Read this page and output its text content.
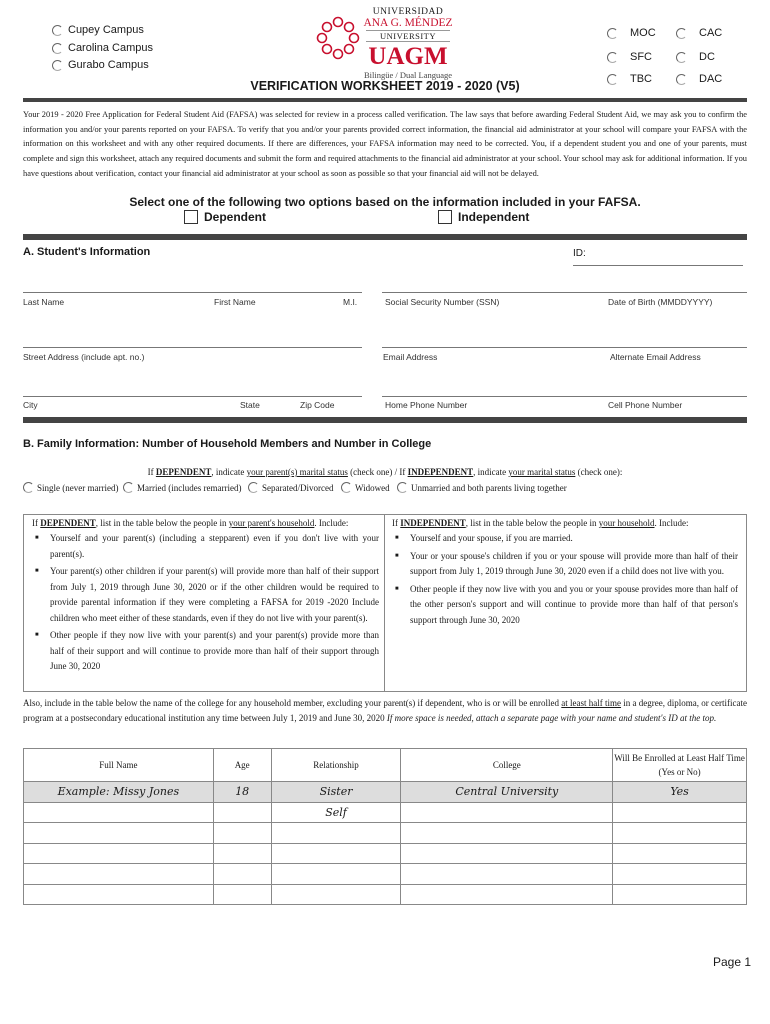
Cupey Campus
Carolina Campus
Gurabo Campus
UNIVERSIDAD
ANA G. MÉNDEZ
UNIVERSITY
UAGM
Bilingüe / Dual Language
MOC	CAC
SFC	DC
TBC	DAC
VERIFICATION WORKSHEET 2019 - 2020 (V5)
Your 2019 - 2020 Free Application for Federal Student Aid (FAFSA) was selected for review in a process called verification. The law says that before awarding Federal Student Aid, we may ask you to confirm the information you and/or your parents reported on your FAFSA. To verify that you and/or your parents provided correct information, the financial aid administrator at your school will compare your FAFSA with the information on this worksheet and with any other required documents. If there are differences, your FAFSA information may need to be corrected. You, if a dependent student you and one of your parents, must complete and sign this worksheet, attach any required documents and submit the form and required attachments to the financial aid administrator at your school. Your school may ask for additional information. If you have questions about verification, contact your financial aid administrator at your school as soon as possible so that your financial aid will not be delayed.
Select one of the following two options based on the information included in your FAFSA.
Dependent	Independent
A. Student's Information	ID:
Last Name	First Name	M.I.	Social Security Number (SSN)	Date of Birth (MMDDYYYY)
Street Address (include apt. no.)	Email Address	Alternate Email Address
City	State	Zip Code	Home Phone Number	Cell Phone Number
B. Family Information: Number of Household Members and Number in College
If DEPENDENT, indicate your parent(s) marital status (check one) / If INDEPENDENT, indicate your marital status (check one):
Single (never married) Married (includes remarried) Separated/Divorced Widowed Unmarried and both parents living together
If DEPENDENT, list in the table below the people in your parent's household. Include:
■ Yourself and your parent(s) (including a stepparent) even if you don't live with your parent(s).
■ Your parent(s) other children if your parent(s) will provide more than half of their support from July 1, 2019 through June 30, 2020 or if the other children would be required to provide parental information if they were completing a FAFSA for 2019 -2020 Include children who meet either of these standards, even if they do not live with your parent(s).
■ Other people if they now live with your parent(s) and your parent(s) provide more than half of their support and will continue to provide more than half of their support through June 30, 2020
If INDEPENDENT, list in the table below the people in your household. Include:
■ Yourself and your spouse, if you are married.
■ Your or your spouse's children if you or your spouse will provide more than half of their support from July 1, 2019 through June 30, 2020 even if a child does not live with you.
■ Other people if they now live with you and you or your spouse provides more than half of the other person's support and will continue to provide more than half of that person's support through June 30, 2020
Also, include in the table below the name of the college for any household member, excluding your parent(s) if dependent, who is or will be enrolled at least half time in a degree, diploma, or certificate program at a postsecondary educational institution any time between July 1, 2019 and June 30, 2020 If more space is needed, attach a separate page with your name and student's ID at the top.
Full Name	Age	Relationship	College	Will Be Enrolled at Least Half Time (Yes or No)
Example: Missy Jones	18	Sister	Central University	Yes
		Self		

Page 1
